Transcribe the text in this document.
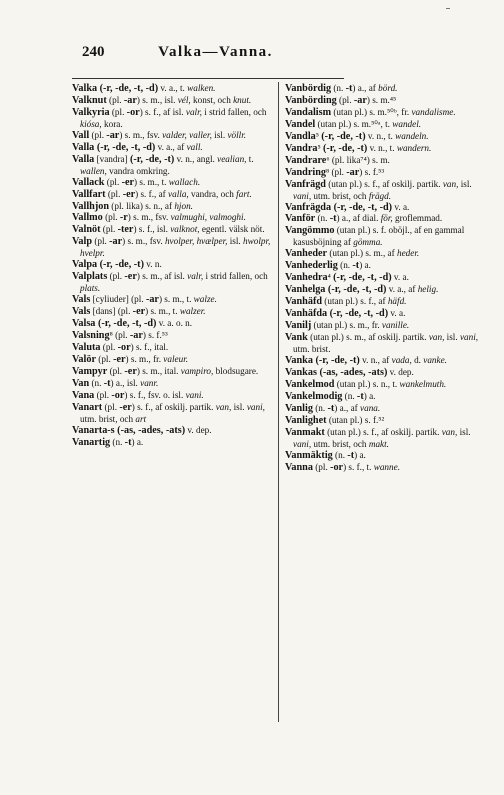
240	Valka—Vanna.

Valka (-r, -de, -t, -d) v. a., t. walken.

Valknut (pl. -ar) s. m., isl. vél, konst, och knut.

Valkyria (pl. -or) s. f., af isl. valr, i strid fallen, och kiósa, kora.

Vall (pl. -ar) s. m., fsv. valder, valler, isl. völlr.

Valla (-r, -de, -t, -d) v. a., af vall.

Valla [vandra] (-r, -de, -t) v. n., angl. vealian, t. wallen, vandra omkring.

Vallack (pl. -er) s. m., t. wallach.

Vallfart (pl. -er) s. f., af valla, vandra, och fart.

Vallhjon (pl. lika) s. n., af hjon.

Vallmo (pl. -r) s. m., fsv. valmughi, valmoghi.

Valnöt (pl. -ter) s. f., isl. valknot, egentl. välsk nöt.

Valp (pl. -ar) s. m., fsv. hvolper, hvælper, isl. hwolpr, hvelpr.

Valpa (-r, -de, -t) v. n.

Valplats (pl. -er) s. m., af isl. valr, i strid fallen, och plats.

Vals [cyliuder] (pl. -ar) s. m., t. walze.

Vals [dans] (pl. -er) s. m., t. walzer.

Valsa (-r, -de, -t, -d) v. a. o. n.

Valsning⁸ (pl. -ar) s. f.⁵³

Valuta (pl. -or) s. f., ital.

Valör (pl. -er) s. m., fr. valeur.

Vampyr (pl. -er) s. m., ital. vampiro, blodsugare.

Van (n. -t) a., isl. vanr.

Vana (pl. -or) s. f., fsv. o. isl. vani.

Vanart (pl. -er) s. f., af oskilj. partik. van, isl. vani, utm. brist, och art

Vanarta-s (-as, -ades, -ats) v. dep.

Vanartig (n. -t) a.

Vanbördig (n. -t) a., af börd.

Vanbörding (pl. -ar) s. m.⁴⁵

Vandalism (utan pl.) s. m.⁵⁰ᵇ, fr. vandalisme.

Vandel (utan pl.) s. m.⁵⁰ᵃ, t. wandel.

Vandla⁵ (-r, -de, -t) v. n., t. wandeln.

Vandra⁵ (-r, -de, -t) v. n., t. wandern.

Vandrare⁶ (pl. lika⁷⁴) s. m.

Vandring⁸ (pl. -ar) s. f.⁵³

Vanfrägd (utan pl.) s. f., af oskilj. partik. van, isl. vani, utm. brist, och frägd.

Vanfrägda (-r, -de, -t, -d) v. a.

Vanför (n. -t) a., af dial. för, groflemmad.

Vangömmo (utan pl.) s. f. oböjl., af en gammal kasusböjning af gömma.

Vanheder (utan pl.) s. m., af heder.

Vanhederlig (n. -t) a.

Vanhedra⁴ (-r, -de, -t, -d) v. a.

Vanhelga (-r, -de, -t, -d) v. a., af helig.

Vanhäfd (utan pl.) s. f., af häfd.

Vanhäfda (-r, -de, -t, -d) v. a.

Vanilj (utan pl.) s. m., fr. vanille.

Vank (utan pl.) s. m., af oskilj. partik. van, isl. vani, utm. brist.

Vanka (-r, -de, -t) v. n., af vada, d. vanke.

Vankas (-as, -ades, -ats) v. dep.

Vankelmod (utan pl.) s. n., t. wankelmuth.

Vankelmodig (n. -t) a.

Vanlig (n. -t) a., af vana.

Vanlighet (utan pl.) s. f.⁵²

Vanmakt (utan pl.) s. f., af oskilj. partik. van, isl. vani, utm. brist, och makt.

Vanmäktig (n. -t) a.

Vanna (pl. -or) s. f., t. wanne.
